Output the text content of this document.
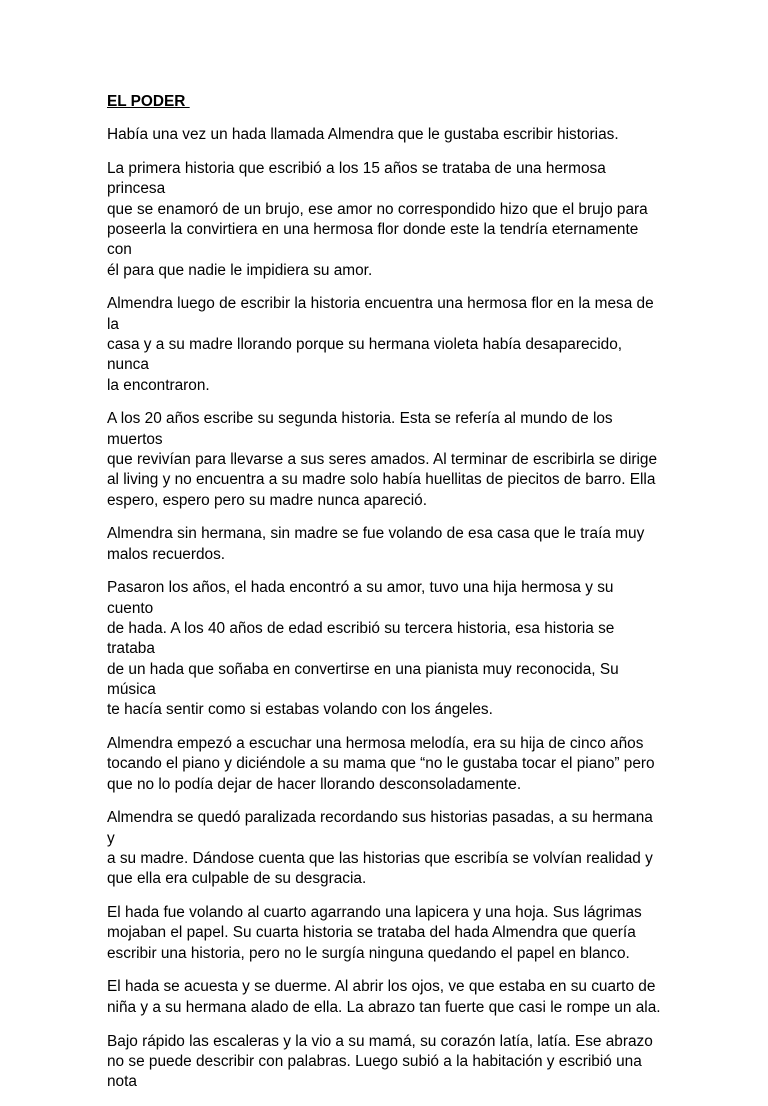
EL PODER

Había una vez un hada llamada Almendra que le gustaba escribir historias.

La primera historia que escribió a los 15 años se trataba de una hermosa princesa
que se enamoró de un brujo, ese amor no correspondido hizo que el brujo para
poseerla la convirtiera en una hermosa flor donde este la tendría eternamente con
él para que nadie le impidiera su amor.

Almendra luego de escribir la historia encuentra una hermosa flor en la mesa de la
casa y a su madre llorando porque su hermana violeta había desaparecido, nunca
la encontraron.

A los 20 años escribe su segunda historia. Esta se refería al mundo de los muertos
que revivían para llevarse a sus seres amados. Al terminar de escribirla se dirige
al living y no encuentra a su madre solo había huellitas de piecitos de barro. Ella
espero, espero pero su madre nunca apareció.

Almendra sin hermana, sin madre se fue volando de esa casa que le traía muy
malos recuerdos.

Pasaron los años, el hada encontró a su amor, tuvo una hija hermosa y su cuento
de hada. A los 40 años de edad escribió su tercera historia, esa historia se trataba
de un hada que soñaba en convertirse en una pianista muy reconocida, Su música
te hacía sentir como si estabas volando con los ángeles.

Almendra empezó a escuchar una hermosa melodía, era su hija de cinco años
tocando el piano y diciéndole a su mama que “no le gustaba tocar el piano” pero
que no lo podía dejar de hacer llorando desconsoladamente.

Almendra se quedó paralizada recordando sus historias pasadas, a su hermana y
a su madre. Dándose cuenta que las historias que escribía se volvían realidad y
que ella era culpable de su desgracia.

El hada fue volando al cuarto agarrando una lapicera y una hoja. Sus lágrimas
mojaban el papel. Su cuarta historia se trataba del hada Almendra que quería
escribir una historia, pero no le surgía ninguna quedando el papel en blanco.

El hada se acuesta y se duerme. Al abrir los ojos, ve que estaba en su cuarto de
niña y a su hermana alado de ella. La abrazo tan fuerte que casi le rompe un ala.

Bajo rápido las escaleras y la vio a su mamá, su corazón latía, latía. Ese abrazo
no se puede describir con palabras. Luego subió a la habitación y escribió una
nota
